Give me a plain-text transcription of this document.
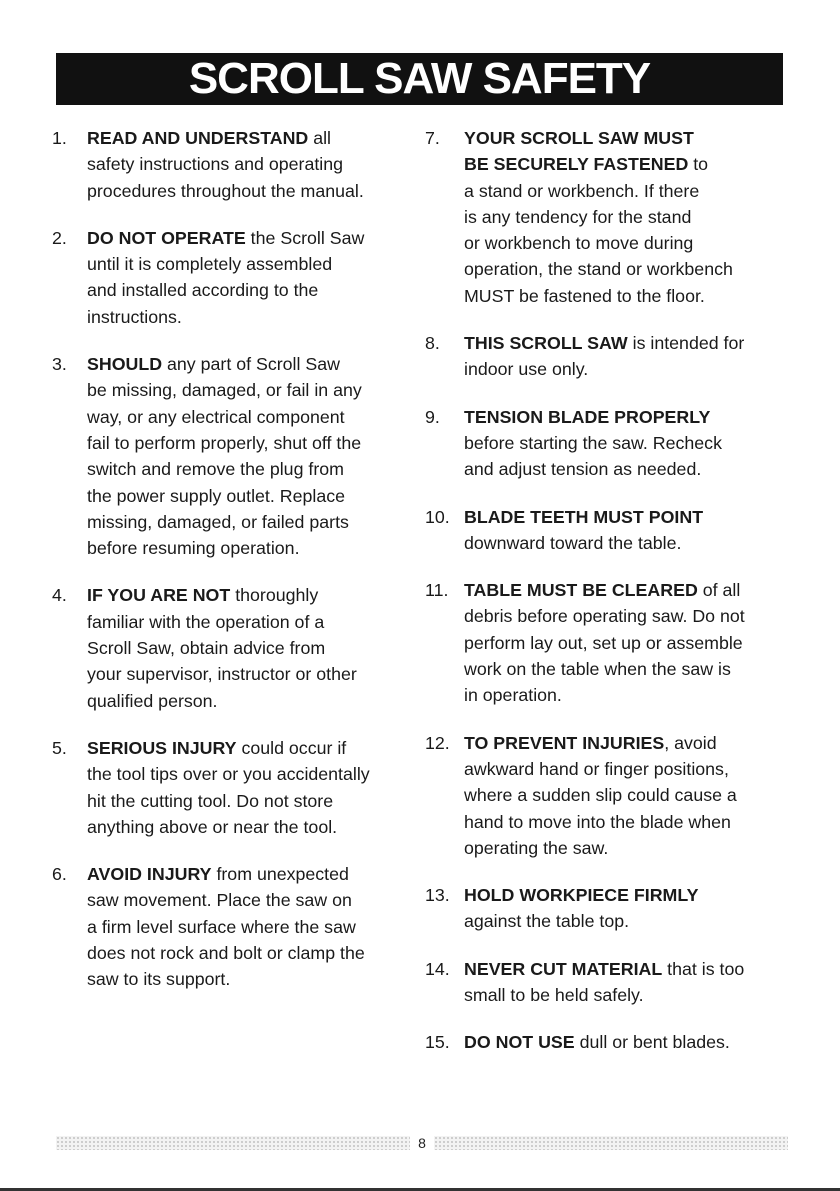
SCROLL SAW SAFETY
1.	READ AND UNDERSTAND all
safety instructions and operating
procedures throughout the manual.
2.	DO NOT OPERATE the Scroll Saw
until it is completely assembled
and installed according to the
instructions.
3.	SHOULD any part of Scroll Saw
be missing, damaged, or fail in any
way, or any electrical component
fail to perform properly, shut off the
switch and remove the plug from
the power supply outlet. Replace
missing, damaged, or failed parts
before resuming operation.
4.	IF YOU ARE NOT thoroughly
familiar with the operation of a
Scroll Saw, obtain advice from
your supervisor, instructor or other
qualified person.
5.	SERIOUS INJURY could occur if
the tool tips over or you accidentally
hit the cutting tool. Do not store
anything above or near the tool.
6.	AVOID INJURY from unexpected
saw movement. Place the saw on
a firm level surface where the saw
does not rock and bolt or clamp the
saw to its support.
7.	YOUR SCROLL SAW MUST
BE SECURELY FASTENED to
a stand or workbench. If there
is any tendency for the stand
or workbench to move during
operation, the stand or workbench
MUST be fastened to the floor.
8.	THIS SCROLL SAW is intended for
indoor use only.
9.	TENSION BLADE PROPERLY
before starting the saw. Recheck
and adjust tension as needed.
10. BLADE TEETH MUST POINT
downward toward the table.
11. TABLE MUST BE CLEARED of all
debris before operating saw. Do not
perform lay out, set up or assemble
work on the table when the saw is
in operation.
12. TO PREVENT INJURIES, avoid
awkward hand or finger positions,
where a sudden slip could cause a
hand to move into the blade when
operating the saw.
13. HOLD WORKPIECE FIRMLY
against the table top.
14. NEVER CUT MATERIAL that is too
small to be held safely.
15. DO NOT USE dull or bent blades.
8
